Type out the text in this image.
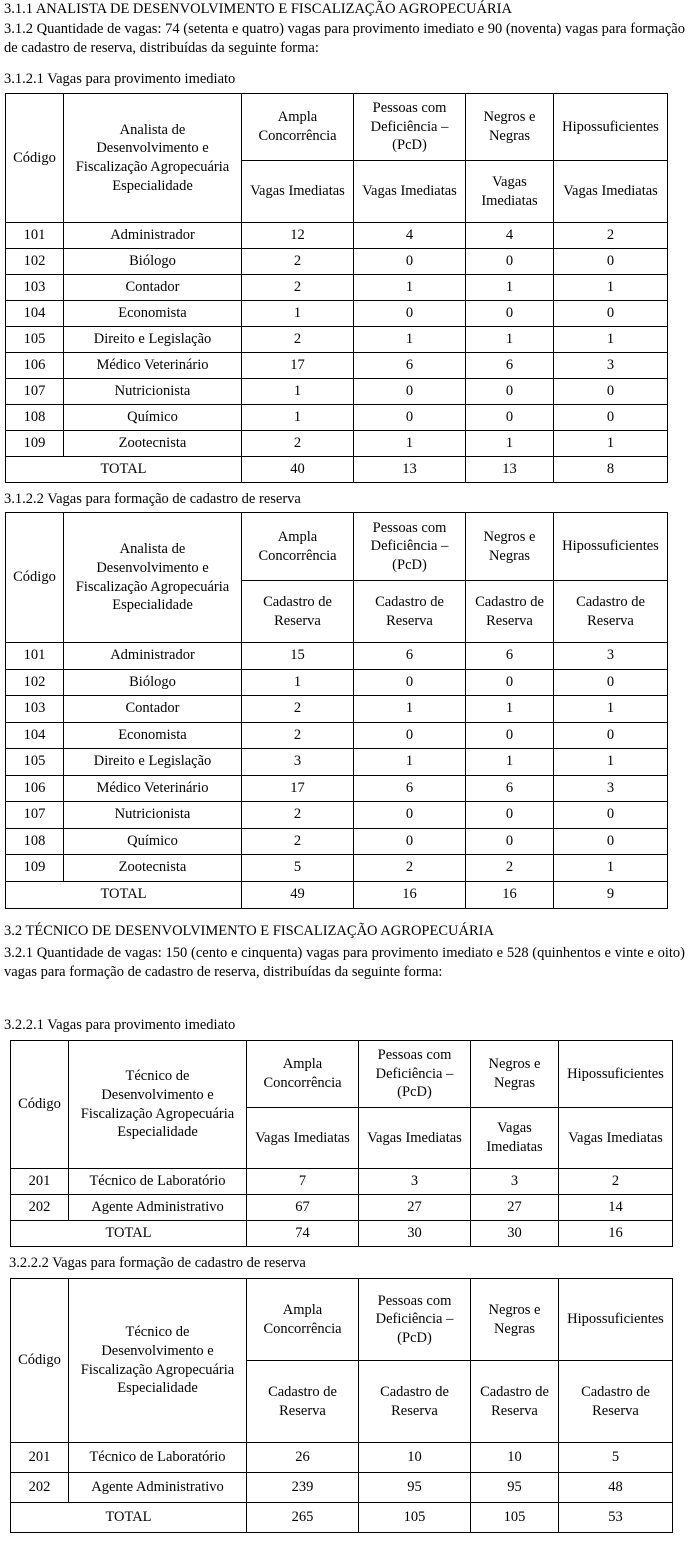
3.1.1 ANALISTA DE DESENVOLVIMENTO E FISCALIZAÇÃO AGROPECUÁRIA

3.1.2 Quantidade de vagas: 74 (setenta e quatro) vagas para provimento imediato e 90 (noventa) vagas para formação de cadastro de reserva, distribuídas da seguinte forma:

3.1.2.1 Vagas para provimento imediato

Código	Analista de Desenvolvimento e Fiscalização Agropecuária Especialidade	Ampla Concorrência	Pessoas com Deficiência – (PcD)	Negros e Negras	Hipossuficientes
		Vagas Imediatas	Vagas Imediatas	Vagas Imediatas	Vagas Imediatas
101	Administrador	12	4	4	2
102	Biólogo	2	0	0	0
103	Contador	2	1	1	1
104	Economista	1	0	0	0
105	Direito e Legislação	2	1	1	1
106	Médico Veterinário	17	6	6	3
107	Nutricionista	1	0	0	0
108	Químico	1	0	0	0
109	Zootecnista	2	1	1	1
TOTAL		40	13	13	8

3.1.2.2 Vagas para formação de cadastro de reserva

Código	Analista de Desenvolvimento e Fiscalização Agropecuária Especialidade	Ampla Concorrência	Pessoas com Deficiência – (PcD)	Negros e Negras	Hipossuficientes
		Cadastro de Reserva	Cadastro de Reserva	Cadastro de Reserva	Cadastro de Reserva
101	Administrador	15	6	6	3
102	Biólogo	1	0	0	0
103	Contador	2	1	1	1
104	Economista	2	0	0	0
105	Direito e Legislação	3	1	1	1
106	Médico Veterinário	17	6	6	3
107	Nutricionista	2	0	0	0
108	Químico	2	0	0	0
109	Zootecnista	5	2	2	1
TOTAL		49	16	16	9

3.2 TÉCNICO DE DESENVOLVIMENTO E FISCALIZAÇÃO AGROPECUÁRIA

3.2.1 Quantidade de vagas: 150 (cento e cinquenta) vagas para provimento imediato e 528 (quinhentos e vinte e oito) vagas para formação de cadastro de reserva, distribuídas da seguinte forma:

3.2.2.1 Vagas para provimento imediato

Código	Técnico de Desenvolvimento e Fiscalização Agropecuária Especialidade	Ampla Concorrência	Pessoas com Deficiência – (PcD)	Negros e Negras	Hipossuficientes
		Vagas Imediatas	Vagas Imediatas	Vagas Imediatas	Vagas Imediatas
201	Técnico de Laboratório	7	3	3	2
202	Agente Administrativo	67	27	27	14
TOTAL		74	30	30	16

3.2.2.2 Vagas para formação de cadastro de reserva

Código	Técnico de Desenvolvimento e Fiscalização Agropecuária Especialidade	Ampla Concorrência	Pessoas com Deficiência – (PcD)	Negros e Negras	Hipossuficientes
		Cadastro de Reserva	Cadastro de Reserva	Cadastro de Reserva	Cadastro de Reserva
201	Técnico de Laboratório	26	10	10	5
202	Agente Administrativo	239	95	95	48
TOTAL		265	105	105	53
